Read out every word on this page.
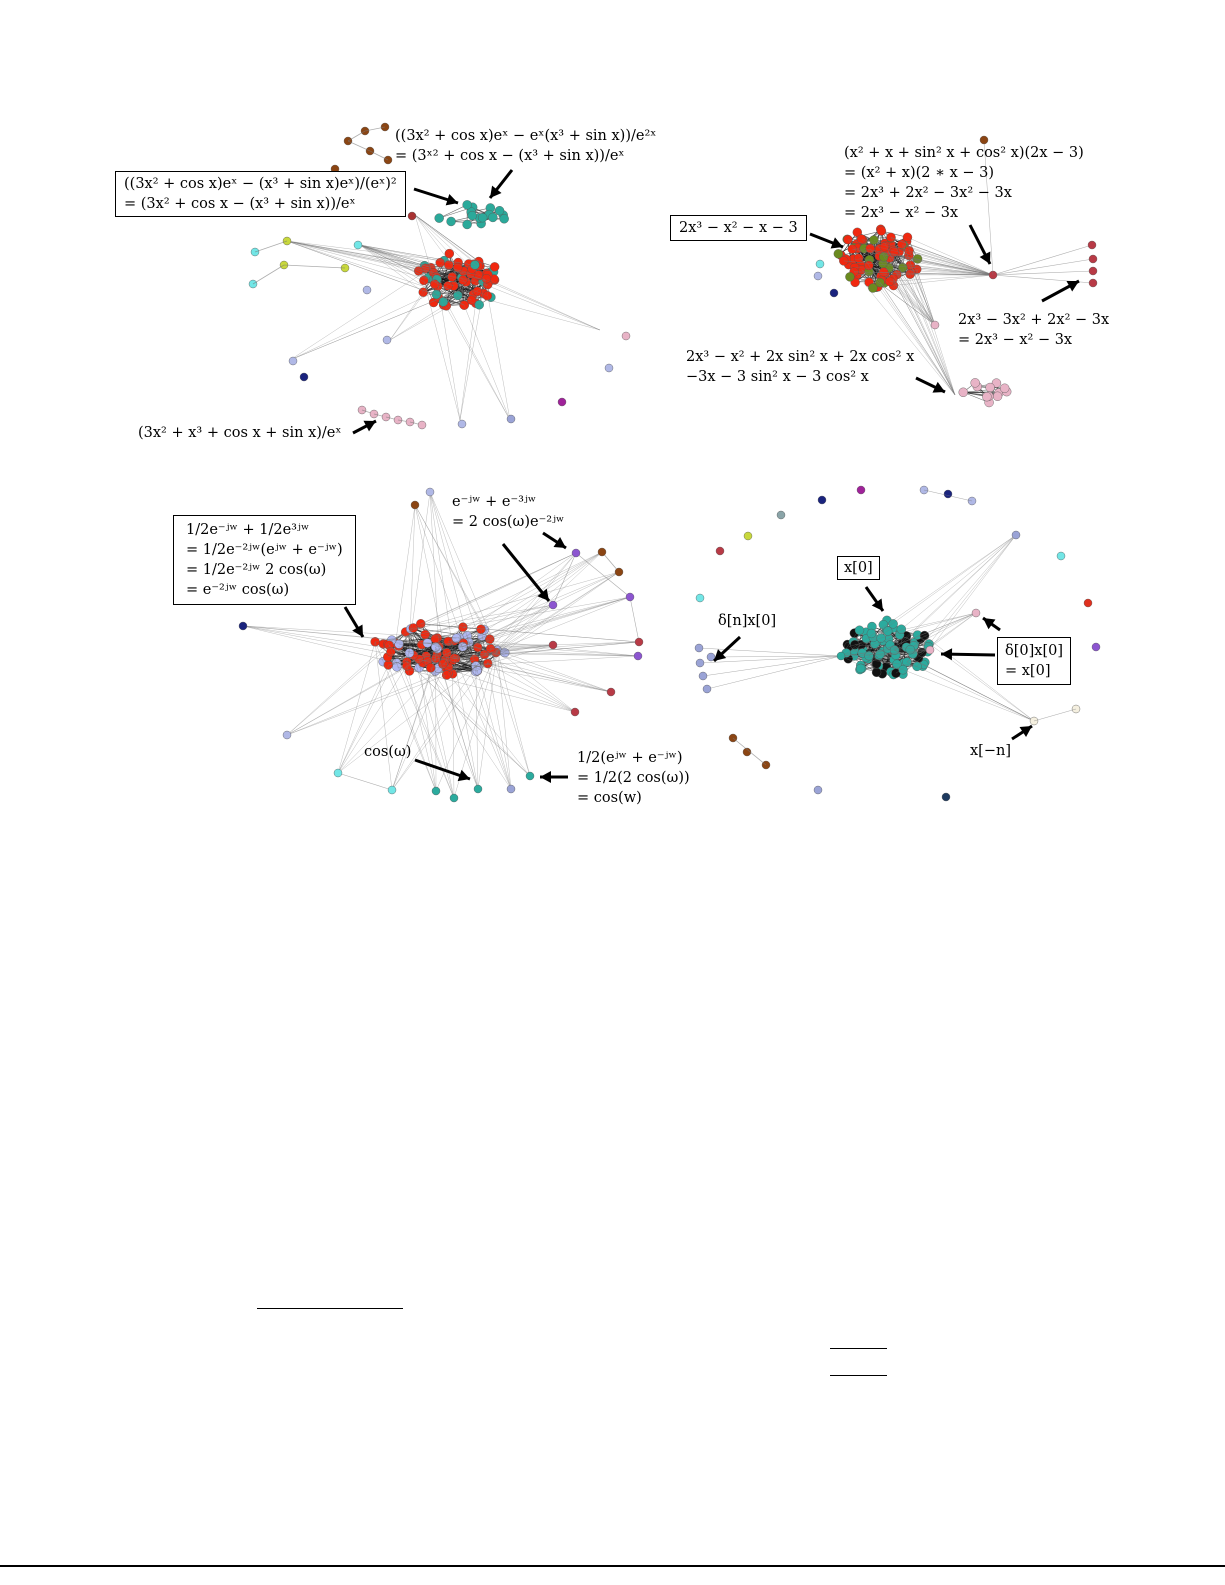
((3x² + cos x)eˣ − eˣ(x³ + sin x))/e²ˣ
= (3ˣ² + cos x − (x³ + sin x))/eˣ
((3x² + cos x)eˣ − (x³ + sin x)eˣ)/(eˣ)²
= (3x² + cos x − (x³ + sin x))/eˣ
(3x² + x³ + cos x + sin x)/eˣ
(x² + x + sin² x + cos² x)(2x − 3)
= (x² + x)(2 ∗ x − 3)
= 2x³ + 2x² − 3x² − 3x
= 2x³ − x² − 3x
2x³ − x² − x − 3
2x³ − 3x² + 2x² − 3x
= 2x³ − x² − 3x
2x³ − x² + 2x sin² x + 2x cos² x
−3x − 3 sin² x − 3 cos² x
1/2e⁻ʲʷ + 1/2e³ʲʷ
= 1/2e⁻²ʲʷ(eʲʷ + e⁻ʲʷ)
= 1/2e⁻²ʲʷ 2 cos(ω)
= e⁻²ʲʷ cos(ω)
e⁻ʲʷ + e⁻³ʲʷ
= 2 cos(ω)e⁻²ʲʷ
cos(ω)	1/2(eʲʷ + e⁻ʲʷ)
= 1/2(2 cos(ω))
= cos(w)
x[0]
δ[n]x[0]
δ[0]x[0]
= x[0]
x[−n]
